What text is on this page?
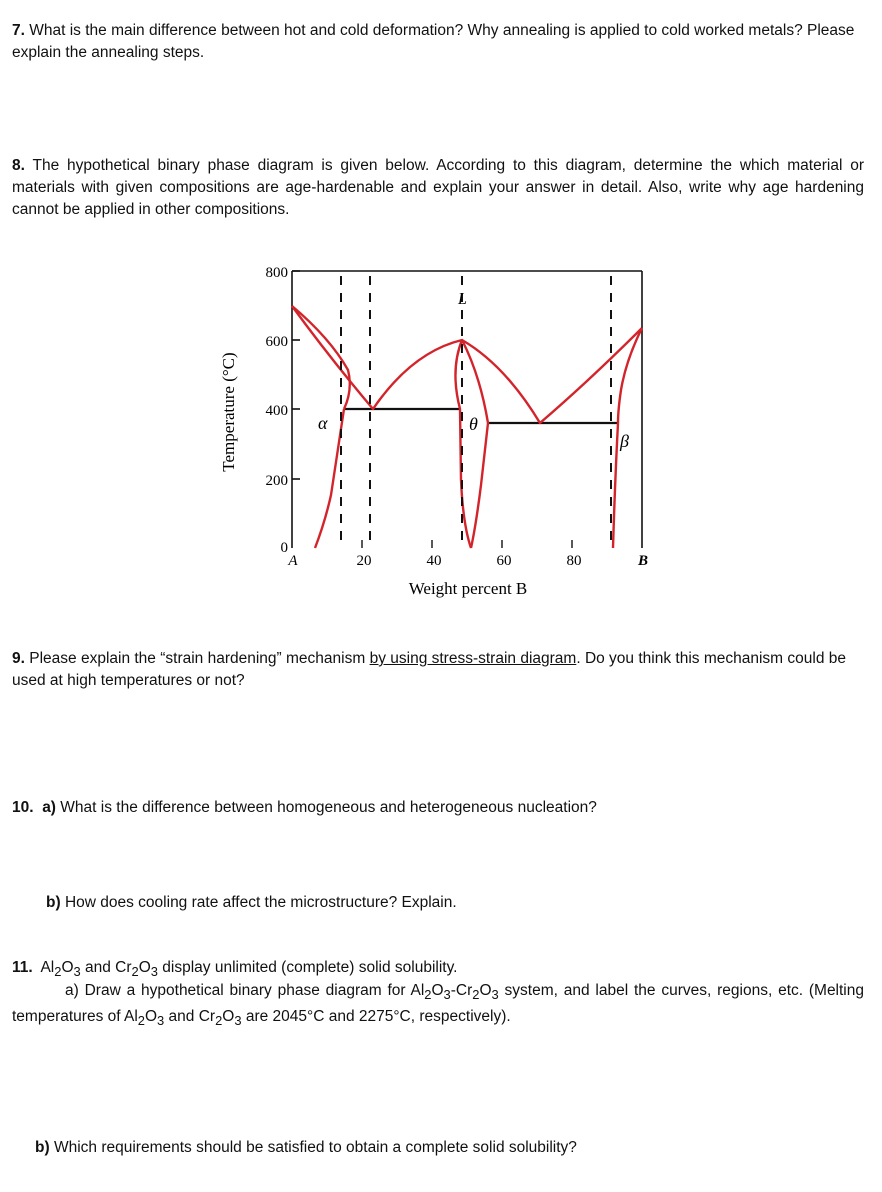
7. What is the main difference between hot and cold deformation? Why annealing is applied to cold worked metals? Please explain the annealing steps.
8. The hypothetical binary phase diagram is given below. According to this diagram, determine the which material or materials with given compositions are age-hardenable and explain your answer in detail. Also, write why age hardening cannot be applied in other compositions.
Temperature (°C)
800
600
400
200
0
A	20	40	60	80	B
Weight percent B
α	θ
β
L
9. Please explain the “strain hardening” mechanism by using stress-strain diagram. Do you think this mechanism could be used at high temperatures or not?
10. a) What is the difference between homogeneous and heterogeneous nucleation?
b) How does cooling rate affect the microstructure? Explain.
11. $Al_2O_3$ and $Cr_2O_3$ display unlimited (complete) solid solubility.
a) Draw a hypothetical binary phase diagram for $Al_2O_3-Cr_2O_3$ system, and label the curves, regions, etc. (Melting temperatures of $Al_2O_3$ and $Cr_2O_3$ are 2045°C and 2275°C, respectively).
b) Which requirements should be satisfied to obtain a complete solid solubility?
